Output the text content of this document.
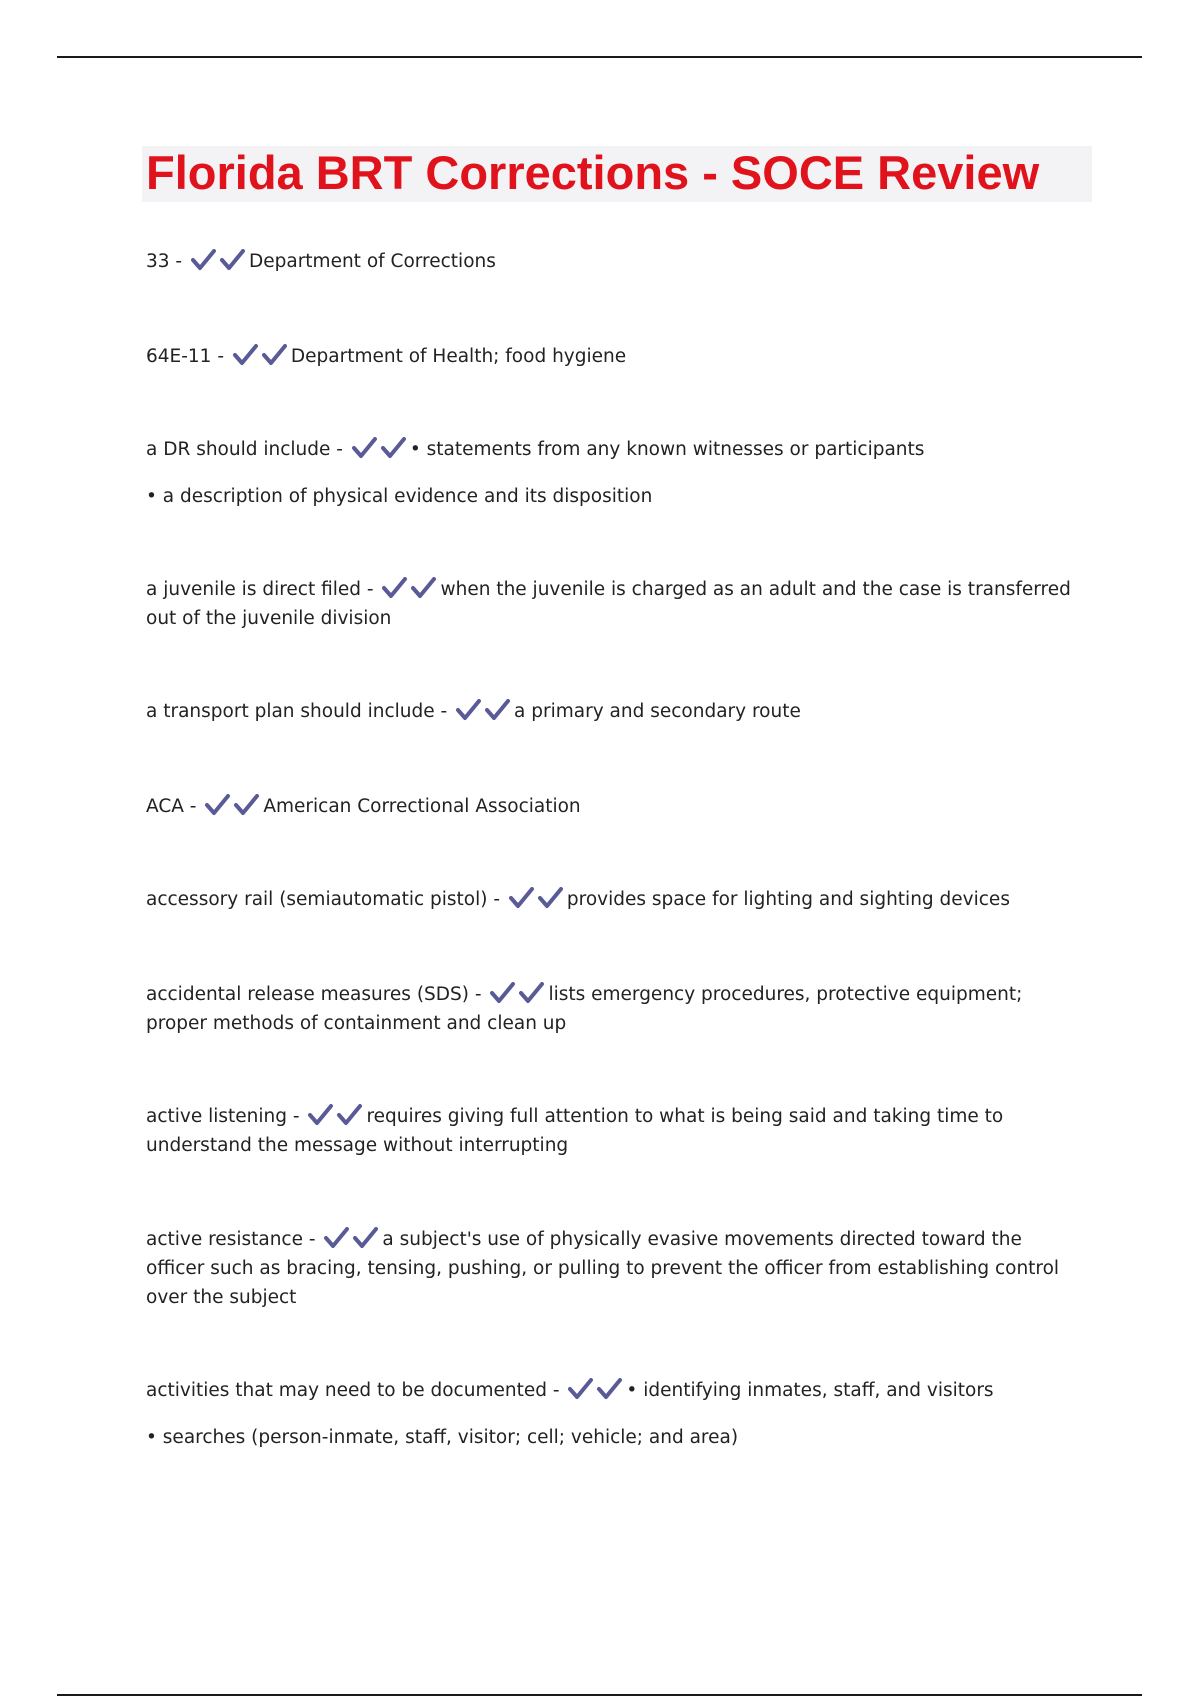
Florida BRT Corrections - SOCE Review
33 -	Department of Corrections
64E-11 -	Department of Health; food hygiene
a DR should include -	• statements from any known witnesses or participants
• a description of physical evidence and its disposition
a juvenile is direct filed -	when the juvenile is charged as an adult and the case is transferred out of the juvenile division
a transport plan should include -	a primary and secondary route
ACA -	American Correctional Association
accessory rail (semiautomatic pistol) -	provides space for lighting and sighting devices
accidental release measures (SDS) -	lists emergency procedures, protective equipment; proper methods of containment and clean up
active listening -	requires giving full attention to what is being said and taking time to understand the message without interrupting
active resistance -	a subject's use of physically evasive movements directed toward the officer such as bracing, tensing, pushing, or pulling to prevent the officer from establishing control over the subject
activities that may need to be documented -	• identifying inmates, staff, and visitors
• searches (person-inmate, staff, visitor; cell; vehicle; and area)
